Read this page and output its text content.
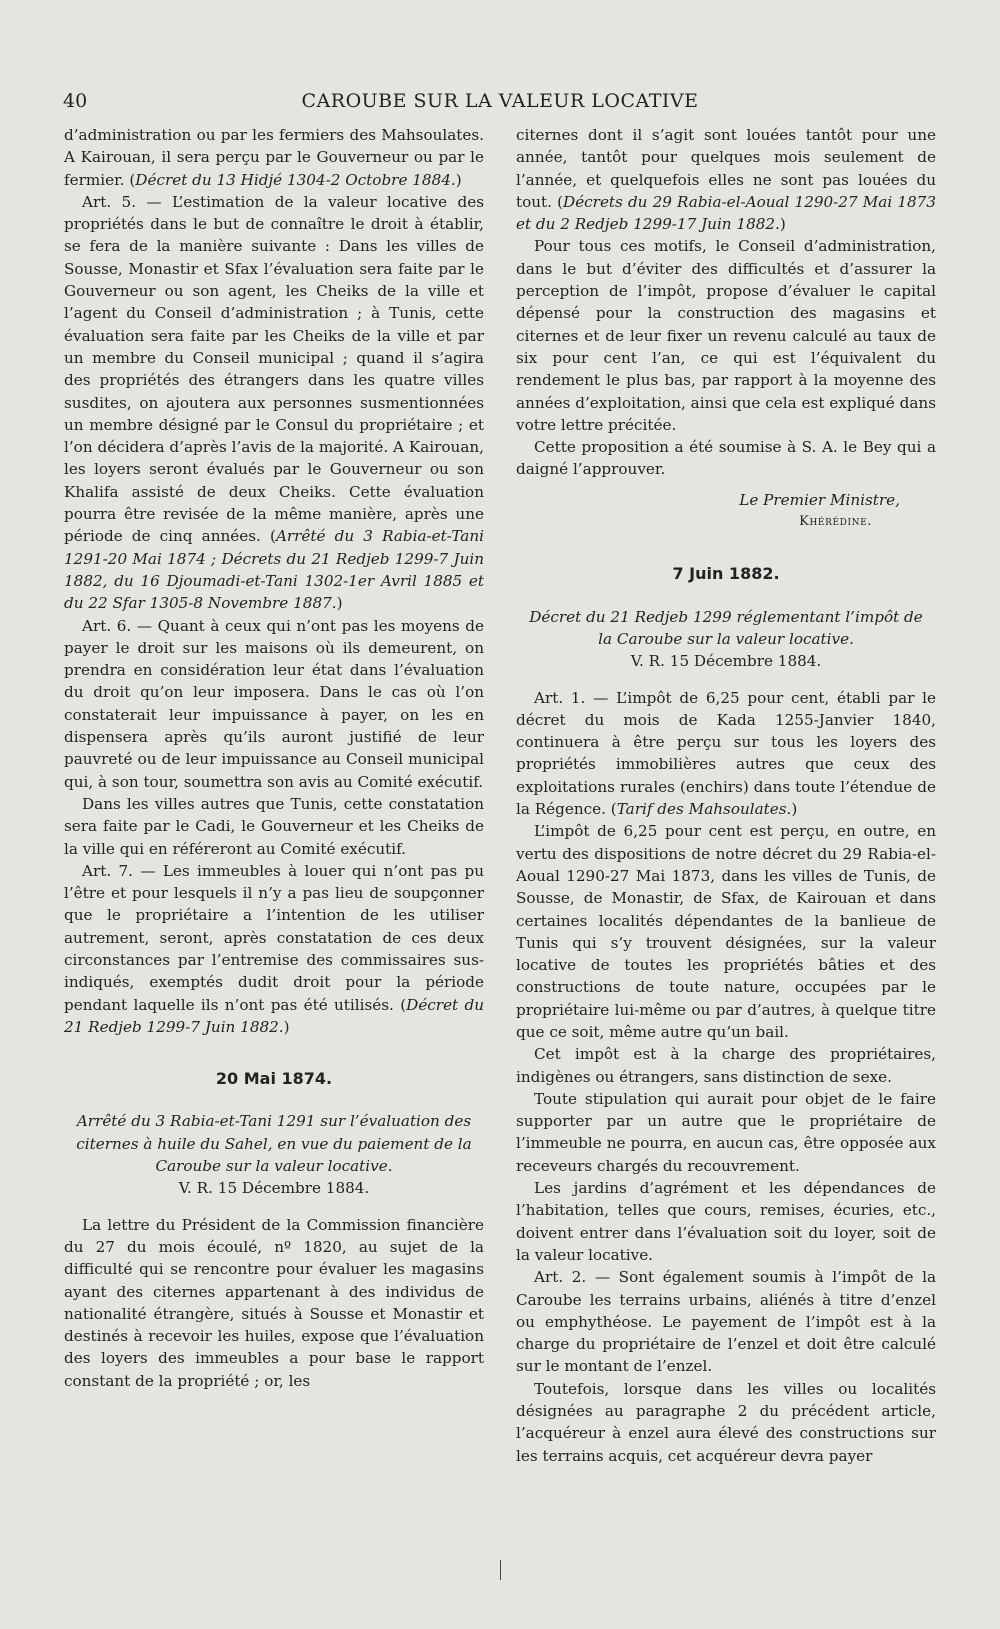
40	CAROUBE SUR LA VALEUR LOCATIVE

d’administration ou par les fermiers des Mahsoulates. A Kairouan, il sera perçu par le Gouverneur ou par le fermier. (Décret du 13 Hidjé 1304-2 Octobre 1884.)

Art. 5. — L’estimation de la valeur locative des propriétés dans le but de connaître le droit à établir, se fera de la manière suivante : Dans les villes de Sousse, Monastir et Sfax l’évaluation sera faite par le Gouverneur ou son agent, les Cheiks de la ville et l’agent du Conseil d’administration ; à Tunis, cette évaluation sera faite par les Cheiks de la ville et par un membre du Conseil municipal ; quand il s’agira des propriétés des étrangers dans les quatre villes susdites, on ajoutera aux personnes susmentionnées un membre désigné par le Consul du propriétaire ; et l’on décidera d’après l’avis de la majorité. A Kairouan, les loyers seront évalués par le Gouverneur ou son Khalifa assisté de deux Cheiks. Cette évaluation pourra être revisée de la même manière, après une période de cinq années. (Arrêté du 3 Rabia-et-Tani 1291-20 Mai 1874 ; Décrets du 21 Redjeb 1299-7 Juin 1882, du 16 Djoumadi-et-Tani 1302-1er Avril 1885 et du 22 Sfar 1305-8 Novembre 1887.)

Art. 6. — Quant à ceux qui n’ont pas les moyens de payer le droit sur les maisons où ils demeurent, on prendra en considération leur état dans l’évaluation du droit qu’on leur imposera. Dans le cas où l’on constaterait leur impuissance à payer, on les en dispensera après qu’ils auront justifié de leur pauvreté ou de leur impuissance au Conseil municipal qui, à son tour, soumettra son avis au Comité exécutif.

Dans les villes autres que Tunis, cette constatation sera faite par le Cadi, le Gouverneur et les Cheiks de la ville qui en référeront au Comité exécutif.

Art. 7. — Les immeubles à louer qui n’ont pas pu l’être et pour lesquels il n’y a pas lieu de soupçonner que le propriétaire a l’intention de les utiliser autrement, seront, après constatation de ces deux circonstances par l’entremise des commissaires sus-indiqués, exemptés dudit droit pour la période pendant laquelle ils n’ont pas été utilisés. (Décret du 21 Redjeb 1299-7 Juin 1882.)

20 Mai 1874.

Arrêté du 3 Rabia-et-Tani 1291 sur l’évaluation des citernes à huile du Sahel, en vue du paiement de la Caroube sur la valeur locative.

V. R. 15 Décembre 1884.

La lettre du Président de la Commission financière du 27 du mois écoulé, nº 1820, au sujet de la difficulté qui se rencontre pour évaluer les magasins ayant des citernes appartenant à des individus de nationalité étrangère, situés à Sousse et Monastir et destinés à recevoir les huiles, expose que l’évaluation des loyers des immeubles a pour base le rapport constant de la propriété ; or, les

citernes dont il s’agit sont louées tantôt pour une année, tantôt pour quelques mois seulement de l’année, et quelquefois elles ne sont pas louées du tout. (Décrets du 29 Rabia-el-Aoual 1290-27 Mai 1873 et du 2 Redjeb 1299-17 Juin 1882.)

Pour tous ces motifs, le Conseil d’administration, dans le but d’éviter des difficultés et d’assurer la perception de l’impôt, propose d’évaluer le capital dépensé pour la construction des magasins et citernes et de leur fixer un revenu calculé au taux de six pour cent l’an, ce qui est l’équivalent du rendement le plus bas, par rapport à la moyenne des années d’exploitation, ainsi que cela est expliqué dans votre lettre précitée.

Cette proposition a été soumise à S. A. le Bey qui a daigné l’approuver.

Le Premier Ministre,

Khérédine.

7 Juin 1882.

Décret du 21 Redjeb 1299 réglementant l’impôt de la Caroube sur la valeur locative.

V. R. 15 Décembre 1884.

Art. 1. — L’impôt de 6,25 pour cent, établi par le décret du mois de Kada 1255-Janvier 1840, continuera à être perçu sur tous les loyers des propriétés immobilières autres que ceux des exploitations rurales (enchirs) dans toute l’étendue de la Régence. (Tarif des Mahsoulates.)

L’impôt de 6,25 pour cent est perçu, en outre, en vertu des dispositions de notre décret du 29 Rabia-el-Aoual 1290-27 Mai 1873, dans les villes de Tunis, de Sousse, de Monastir, de Sfax, de Kairouan et dans certaines localités dépendantes de la banlieue de Tunis qui s’y trouvent désignées, sur la valeur locative de toutes les propriétés bâties et des constructions de toute nature, occupées par le propriétaire lui-même ou par d’autres, à quelque titre que ce soit, même autre qu’un bail.

Cet impôt est à la charge des propriétaires, indigènes ou étrangers, sans distinction de sexe.

Toute stipulation qui aurait pour objet de le faire supporter par un autre que le propriétaire de l’immeuble ne pourra, en aucun cas, être opposée aux receveurs chargés du recouvrement.

Les jardins d’agrément et les dépendances de l’habitation, telles que cours, remises, écuries, etc., doivent entrer dans l’évaluation soit du loyer, soit de la valeur locative.

Art. 2. — Sont également soumis à l’impôt de la Caroube les terrains urbains, aliénés à titre d’enzel ou emphythéose. Le payement de l’impôt est à la charge du propriétaire de l’enzel et doit être calculé sur le montant de l’enzel.

Toutefois, lorsque dans les villes ou localités désignées au paragraphe 2 du précédent article, l’acquéreur à enzel aura élevé des constructions sur les terrains acquis, cet acquéreur devra payer
